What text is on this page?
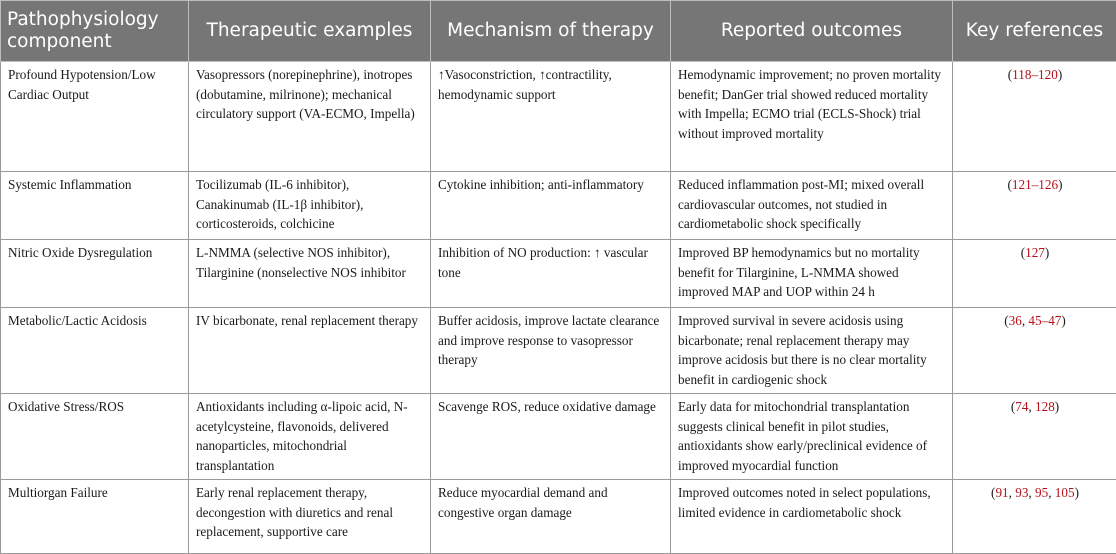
Pathophysiology component	Therapeutic examples	Mechanism of therapy	Reported outcomes	Key references
Profound Hypotension/Low Cardiac Output	Vasopressors (norepinephrine), inotropes (dobutamine, milrinone); mechanical circulatory support (VA-ECMO, Impella)	↑Vasoconstriction, ↑contractility, hemodynamic support	Hemodynamic improvement; no proven mortality benefit; DanGer trial showed reduced mortality with Impella; ECMO trial (ECLS-Shock) trial without improved mortality	(118–120)
Systemic Inflammation	Tocilizumab (IL-6 inhibitor), Canakinumab (IL-1β inhibitor), corticosteroids, colchicine	Cytokine inhibition; anti-inflammatory	Reduced inflammation post-MI; mixed overall cardiovascular outcomes, not studied in cardiometabolic shock specifically	(121–126)
Nitric Oxide Dysregulation	L-NMMA (selective NOS inhibitor), Tilarginine (nonselective NOS inhibitor	Inhibition of NO production: ↑ vascular tone	Improved BP hemodynamics but no mortality benefit for Tilarginine, L-NMMA showed improved MAP and UOP within 24 h	(127)
Metabolic/Lactic Acidosis	IV bicarbonate, renal replacement therapy	Buffer acidosis, improve lactate clearance and improve response to vasopressor therapy	Improved survival in severe acidosis using bicarbonate; renal replacement therapy may improve acidosis but there is no clear mortality benefit in cardiogenic shock	(36, 45–47)
Oxidative Stress/ROS	Antioxidants including α-lipoic acid, N-acetylcysteine, flavonoids, delivered nanoparticles, mitochondrial transplantation	Scavenge ROS, reduce oxidative damage	Early data for mitochondrial transplantation suggests clinical benefit in pilot studies, antioxidants show early/preclinical evidence of improved myocardial function	(74, 128)
Multiorgan Failure	Early renal replacement therapy, decongestion with diuretics and renal replacement, supportive care	Reduce myocardial demand and congestive organ damage	Improved outcomes noted in select populations, limited evidence in cardiometabolic shock	(91, 93, 95, 105)
